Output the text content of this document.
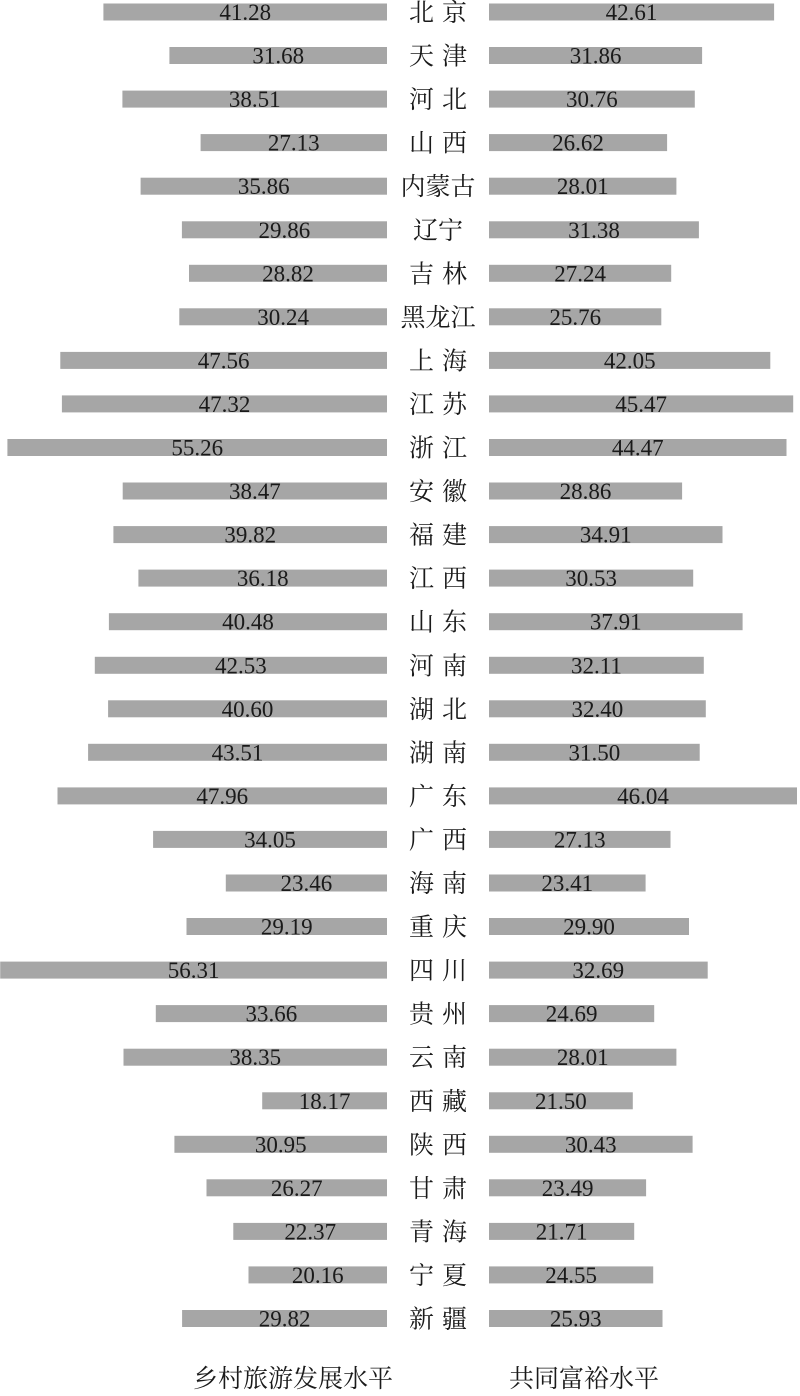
41.28
31.68
38.51
27.13
35.86
29.86
28.82
30.24
47.56
47.32
55.26
38.47
39.82
36.18
40.48
42.53
40.60
43.51
47.96
34.05
23.46
29.19
56.31
33.66
38.35
18.17
30.95
26.27
22.37
20.16
29.82
42.61
31.86
30.76
26.62
28.01
31.38
27.24
25.76
42.05
45.47
44.47
28.86
34.91
30.53
37.91
32.11
32.40
31.50
46.04
27.13
23.41
29.90
32.69
24.69
28.01
21.50
30.43
23.49
21.71
24.55
25.93
北 京
天 津
河 北
山 西
内蒙古
辽宁
吉 林
黑龙江
上 海
江 苏
浙 江
安 徽
福 建
江 西
山 东
河 南
湖 北
湖 南
广 东
广 西
海 南
重 庆
四 川
贵 州
云 南
西 藏
陕 西
甘 肃
青 海
宁 夏
新 疆
乡村旅游发展水平	共同富裕水平
